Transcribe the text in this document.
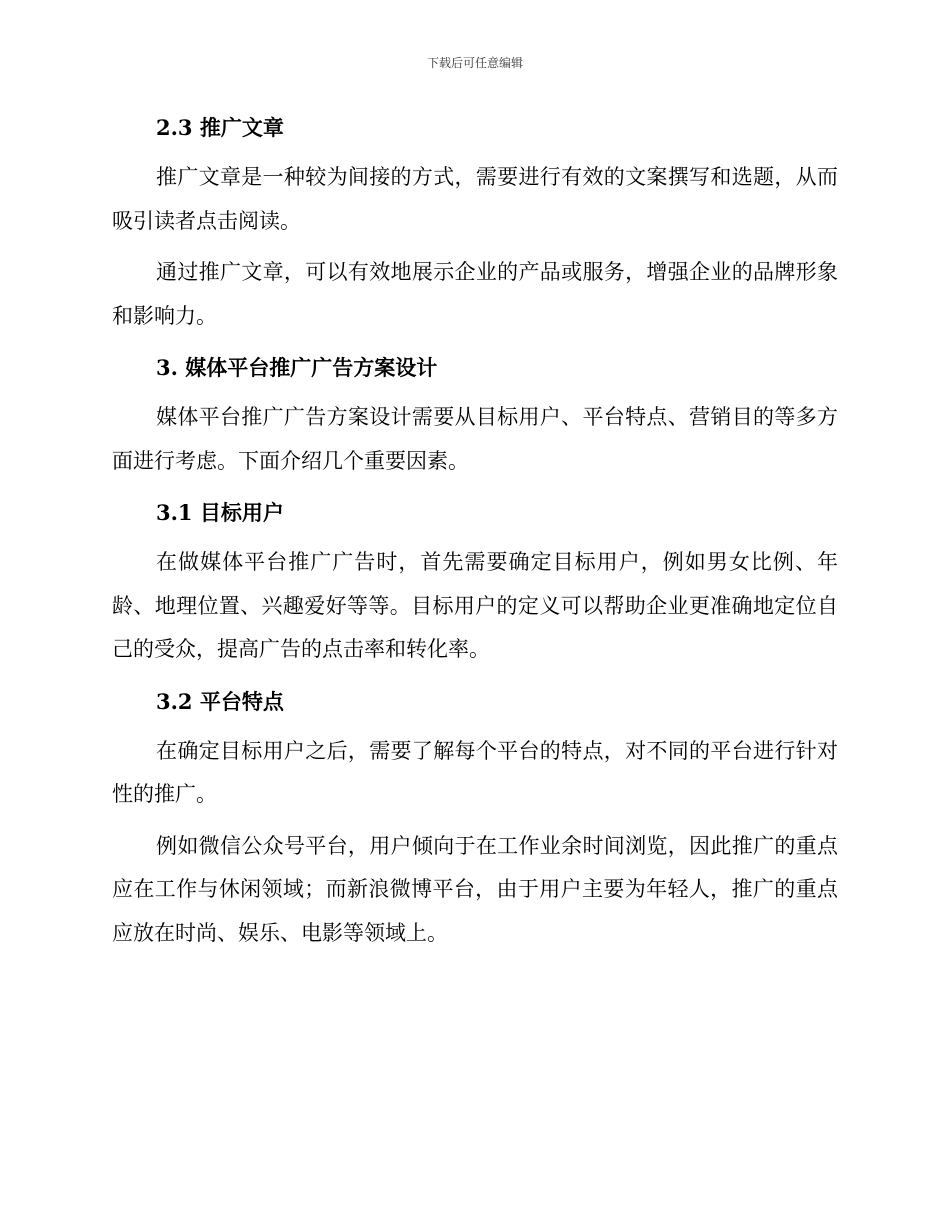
下载后可任意编辑
2.3 推广文章

推广文章是一种较为间接的方式，需要进行有效的文案撰写和选题，从而吸引读者点击阅读。

通过推广文章，可以有效地展示企业的产品或服务，增强企业的品牌形象和影响力。

3. 媒体平台推广广告方案设计

媒体平台推广广告方案设计需要从目标用户、平台特点、营销目的等多方面进行考虑。下面介绍几个重要因素。

3.1 目标用户

在做媒体平台推广广告时，首先需要确定目标用户，例如男女比例、年龄、地理位置、兴趣爱好等等。目标用户的定义可以帮助企业更准确地定位自己的受众，提高广告的点击率和转化率。

3.2 平台特点

在确定目标用户之后，需要了解每个平台的特点，对不同的平台进行针对性的推广。

例如微信公众号平台，用户倾向于在工作业余时间浏览，因此推广的重点应在工作与休闲领域；而新浪微博平台，由于用户主要为年轻人，推广的重点应放在时尚、娱乐、电影等领域上。
